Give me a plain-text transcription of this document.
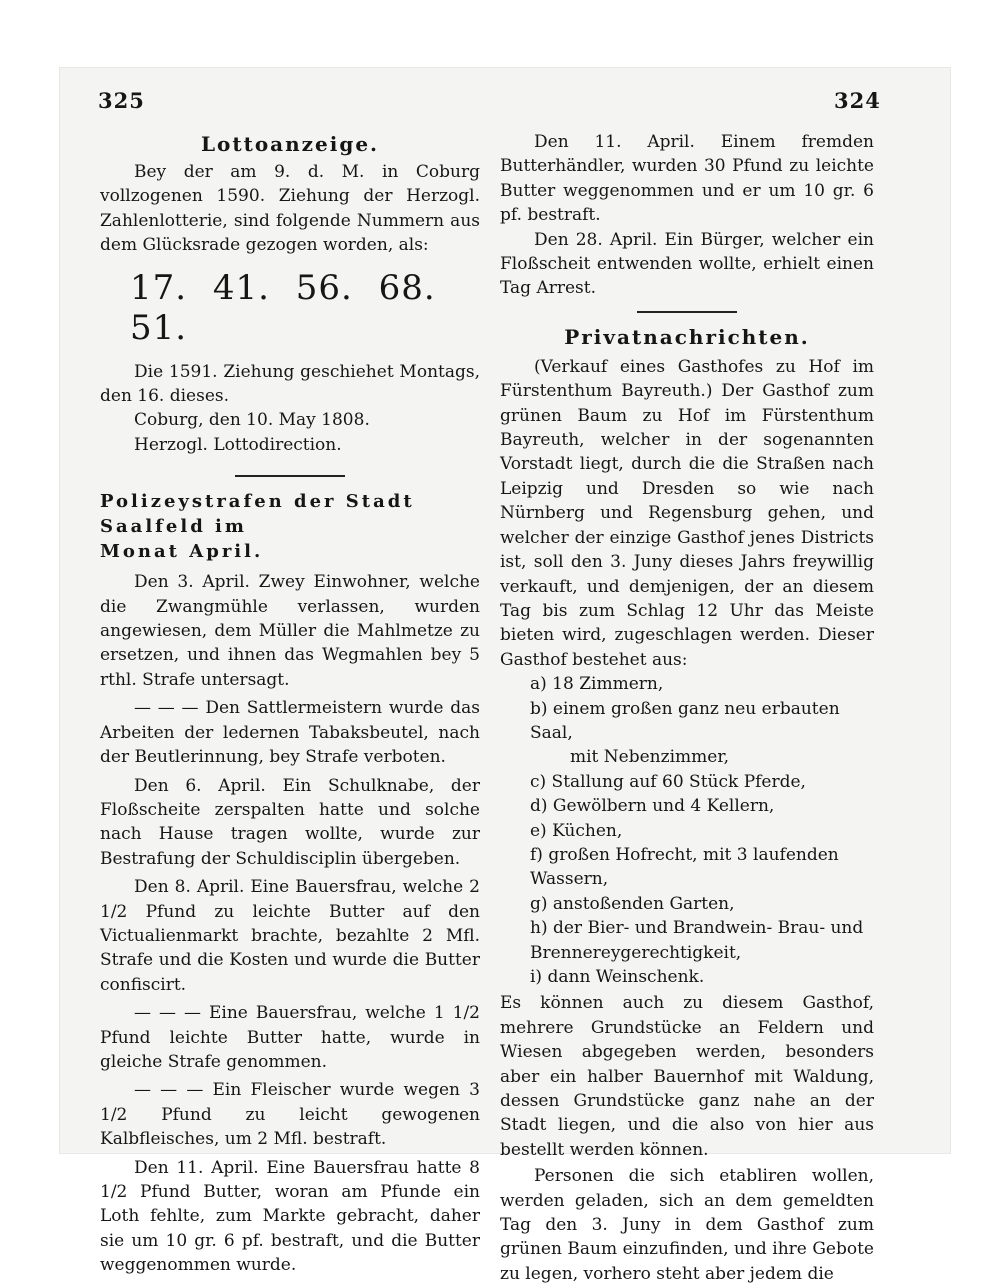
325	324

Lottoanzeige.

Bey der am 9. d. M. in Coburg vollzogenen 1590. Ziehung der Herzogl. Zahlenlotterie, sind folgende Nummern aus dem Glücksrade gezogen worden, als:

17. 41. 56. 68. 51.

Die 1591. Ziehung geschiehet Montags, den 16. dieses.

Coburg, den 10. May 1808.

Herzogl. Lottodirection.

Polizeystrafen der Stadt Saalfeld im

Monat April.

Den 3. April. Zwey Einwohner, welche die Zwangmühle verlassen, wurden angewiesen, dem Müller die Mahlmetze zu ersetzen, und ihnen das Wegmahlen bey 5 rthl. Strafe untersagt.

— — — Den Sattlermeistern wurde das Arbeiten der ledernen Tabaksbeutel, nach der Beutlerinnung, bey Strafe verboten.

Den 6. April. Ein Schulknabe, der Floßscheite zerspalten hatte und solche nach Hause tragen wollte, wurde zur Bestrafung der Schuldisciplin übergeben.

Den 8. April. Eine Bauersfrau, welche 2 1/2 Pfund zu leichte Butter auf den Victualienmarkt brachte, bezahlte 2 Mfl. Strafe und die Kosten und wurde die Butter confiscirt.

— — — Eine Bauersfrau, welche 1 1/2 Pfund leichte Butter hatte, wurde in gleiche Strafe genommen.

— — — Ein Fleischer wurde wegen 3 1/2 Pfund zu leicht gewogenen Kalbfleisches, um 2 Mfl. bestraft.

Den 11. April. Eine Bauersfrau hatte 8 1/2 Pfund Butter, woran am Pfunde ein Loth fehlte, zum Markte gebracht, daher sie um 10 gr. 6 pf. bestraft, und die Butter weggenommen wurde.

Den 11. April. Einem fremden Butterhändler, wurden 30 Pfund zu leichte Butter weggenommen und er um 10 gr. 6 pf. bestraft.

Den 28. April. Ein Bürger, welcher ein Floßscheit entwenden wollte, erhielt einen Tag Arrest.

Privatnachrichten.

(Verkauf eines Gasthofes zu Hof im Fürstenthum Bayreuth.) Der Gasthof zum grünen Baum zu Hof im Fürstenthum Bayreuth, welcher in der sogenannten Vorstadt liegt, durch die die Straßen nach Leipzig und Dresden so wie nach Nürnberg und Regensburg gehen, und welcher der einzige Gasthof jenes Districts ist, soll den 3. Juny dieses Jahrs freywillig verkauft, und demjenigen, der an diesem Tag bis zum Schlag 12 Uhr das Meiste bieten wird, zugeschlagen werden. Dieser Gasthof bestehet aus:

a) 18 Zimmern,
b) einem großen ganz neu erbauten Saal,
mit Nebenzimmer,
c) Stallung auf 60 Stück Pferde,
d) Gewölbern und 4 Kellern,
e) Küchen,
f) großen Hofrecht, mit 3 laufenden Wassern,
g) anstoßenden Garten,
h) der Bier- und Brandwein- Brau- und Brennereygerechtigkeit,
i) dann Weinschenk.

Es können auch zu diesem Gasthof, mehrere Grundstücke an Feldern und Wiesen abgegeben werden, besonders aber ein halber Bauernhof mit Waldung, dessen Grundstücke ganz nahe an der Stadt liegen, und die also von hier aus bestellt werden können.

Personen die sich etabliren wollen, werden geladen, sich an dem gemeldten Tag den 3. Juny in dem Gasthof zum grünen Baum einzufinden, und ihre Gebote zu legen, vorhero steht aber jedem die
